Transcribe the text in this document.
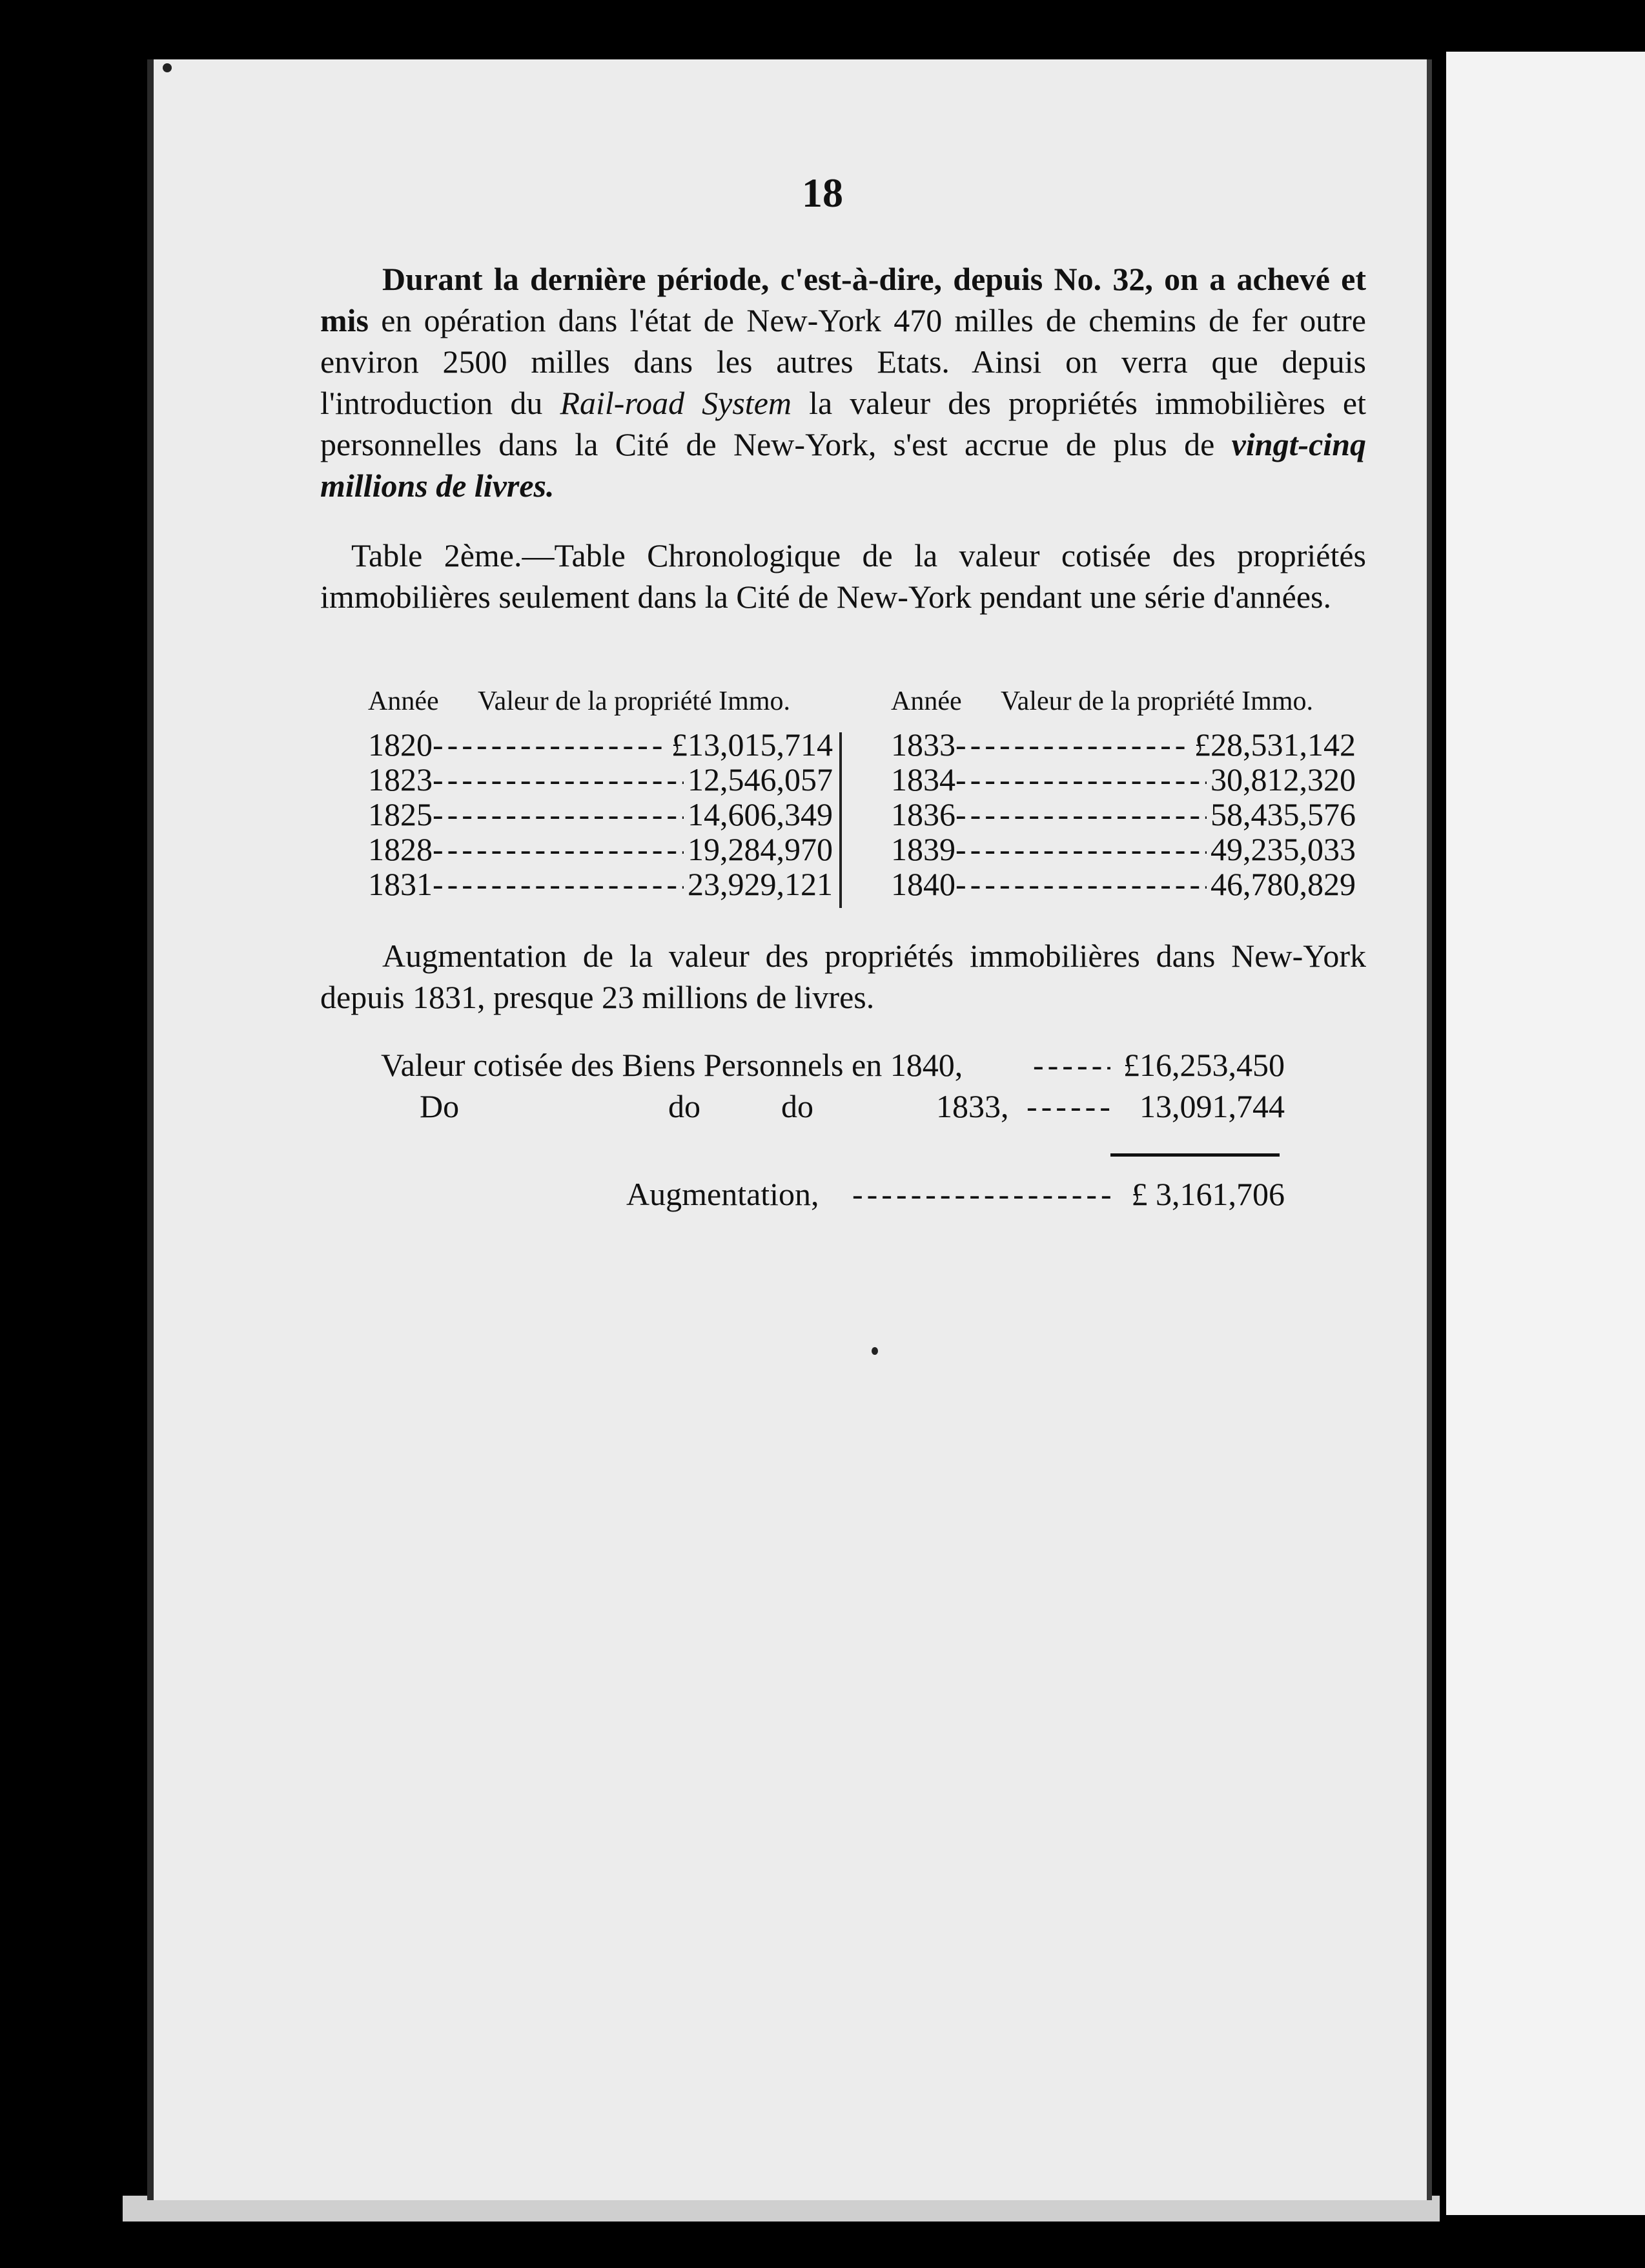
18
Durant la dernière période, c'est-à-dire, depuis No. 32, on a achevé et mis en opération dans l'état de New-York 470 milles de chemins de fer outre environ 2500 milles dans les autres Etats. Ainsi on verra que depuis l'introduction du Rail-road System la valeur des propriétés immobilières et personnelles dans la Cité de New-York, s'est accrue de plus de vingt-cinq millions de livres.
Table 2ème.—Table Chronologique de la valeur cotisée des propriétés immobilières seulement dans la Cité de New-York pendant une série d'années.
Année Valeur de la propriété Immo.
1820 -----	£13,015,714
1823 -----	12,546,057
1825 -----	14,606,349
1828 -----	19,284,970
1831 -----	23,929,121
Année Valeur de la propriété Immo.
1833 -----	£28,531,142
1834 -----	30,812,320
1836 -----	58,435,576
1839 -----	49,235,033
1840 -----	46,780,829
Augmentation de la valeur des propriétés immobilières dans New-York depuis 1831, presque 23 millions de livres.
Valeur cotisée des Biens Personnels en 1840, -----	£16,253,450
Do	do	do	1833, -----	13,091,744
Augmentation, -----	£ 3,161,706
